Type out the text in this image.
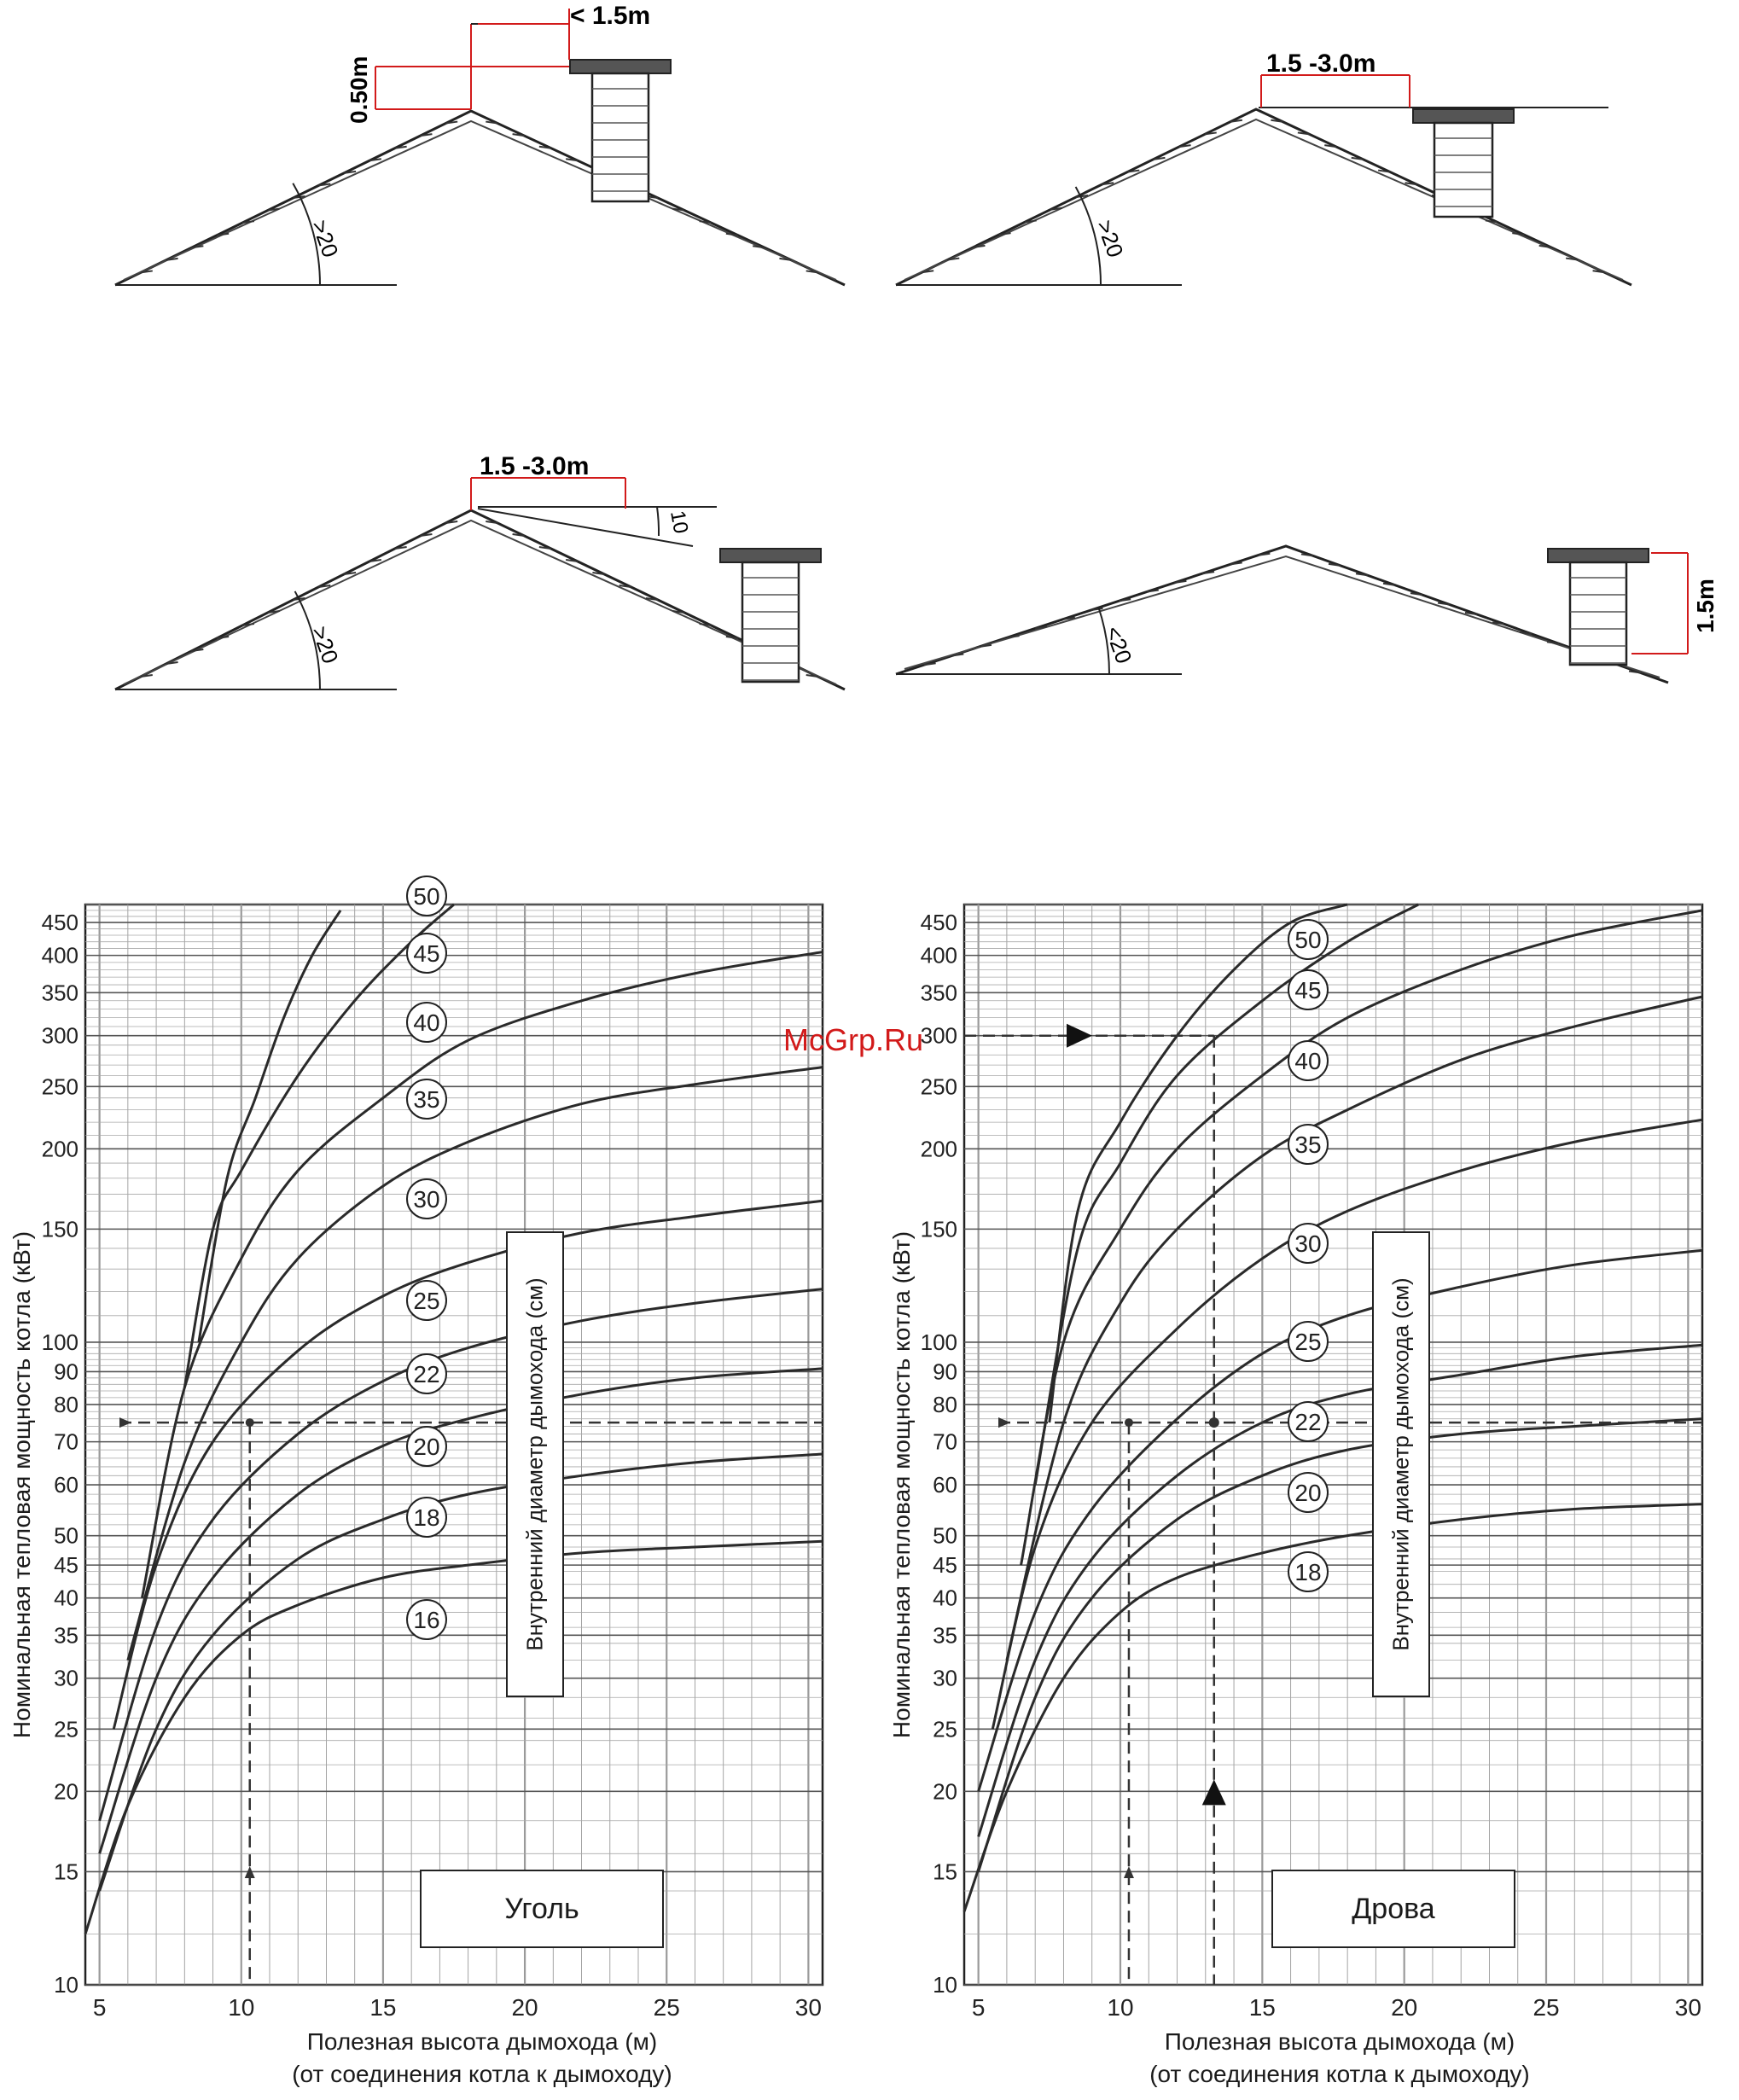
>20
< 1.5m
0.50m
>20
1.5 -3.0m
>20
1.5 -3.0m
10
<20
1.5m
10
15
20
25
30
35
40
45
50
60
70
80
90
100
150
200
250
300
350
400
450
5	10	15	20	25	30
50
45
40
35
30
25
22
20
18
16
10
15
20
25
30
35
40
45
50
60
70
80
90
100
150
200
250
300
350
400
450
5	10	15	20	25	30
50
45
40
35
30
25
22
20
18
McGrp.Ru
Внутренний диаметр дымохода (см)
Уголь
Полезная высота дымохода (м)
(от соединения котла к дымоходу)
Номинальная тепловая мощность котла (кВт)	Внутренний диаметр дымохода (см)
Дрова
Полезная высота дымохода (м)
(от соединения котла к дымоходу)
Номинальная тепловая мощность котла (кВт)
